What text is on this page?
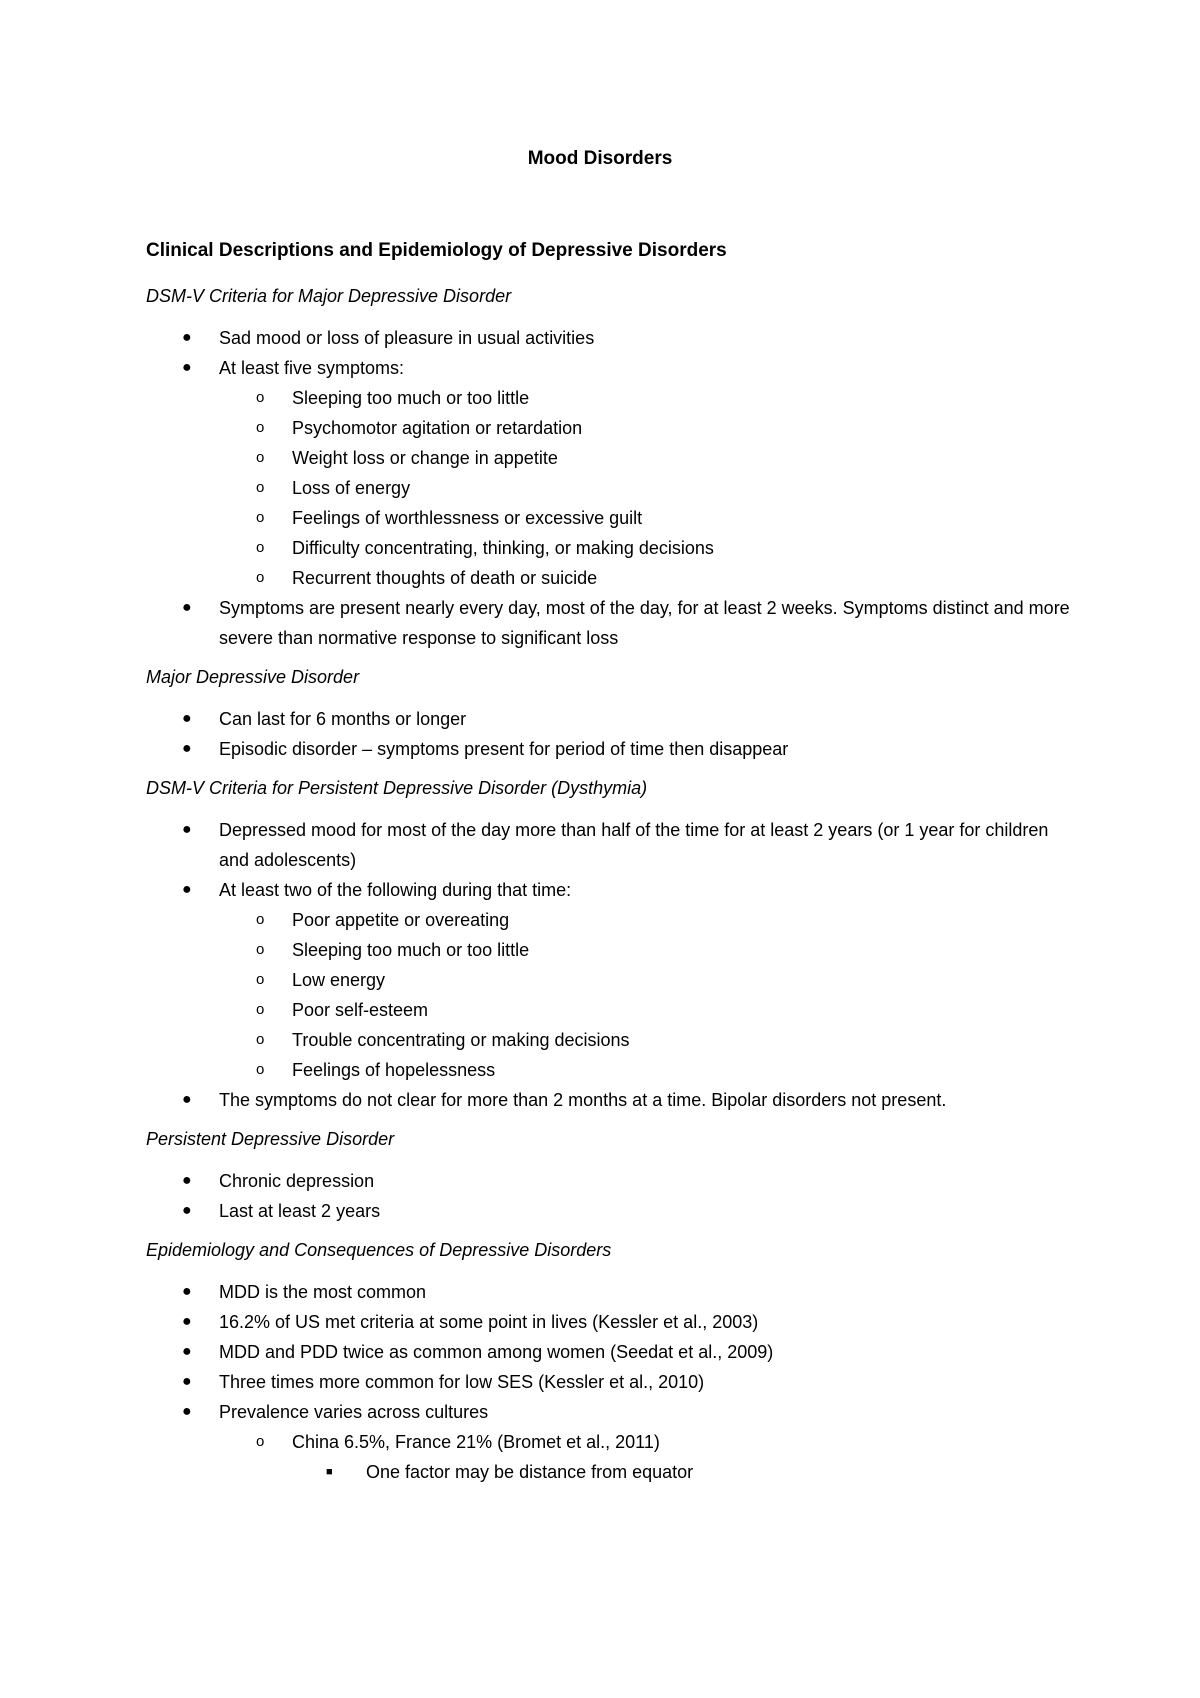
Mood Disorders
Clinical Descriptions and Epidemiology of Depressive Disorders
DSM-V Criteria for Major Depressive Disorder
● Sad mood or loss of pleasure in usual activities
● At least five symptoms:
o Sleeping too much or too little
o Psychomotor agitation or retardation
o Weight loss or change in appetite
o Loss of energy
o Feelings of worthlessness or excessive guilt
o Difficulty concentrating, thinking, or making decisions
o Recurrent thoughts of death or suicide
● Symptoms are present nearly every day, most of the day, for at least 2 weeks. Symptoms distinct and more severe than normative response to significant loss
Major Depressive Disorder
● Can last for 6 months or longer
● Episodic disorder – symptoms present for period of time then disappear
DSM-V Criteria for Persistent Depressive Disorder (Dysthymia)
● Depressed mood for most of the day more than half of the time for at least 2 years (or 1 year for children and adolescents)
● At least two of the following during that time:
o Poor appetite or overeating
o Sleeping too much or too little
o Low energy
o Poor self-esteem
o Trouble concentrating or making decisions
o Feelings of hopelessness
● The symptoms do not clear for more than 2 months at a time. Bipolar disorders not present.
Persistent Depressive Disorder
● Chronic depression
● Last at least 2 years
Epidemiology and Consequences of Depressive Disorders
● MDD is the most common
● 16.2% of US met criteria at some point in lives (Kessler et al., 2003)
● MDD and PDD twice as common among women (Seedat et al., 2009)
● Three times more common for low SES (Kessler et al., 2010)
● Prevalence varies across cultures
o China 6.5%, France 21% (Bromet et al., 2011)
■ One factor may be distance from equator
